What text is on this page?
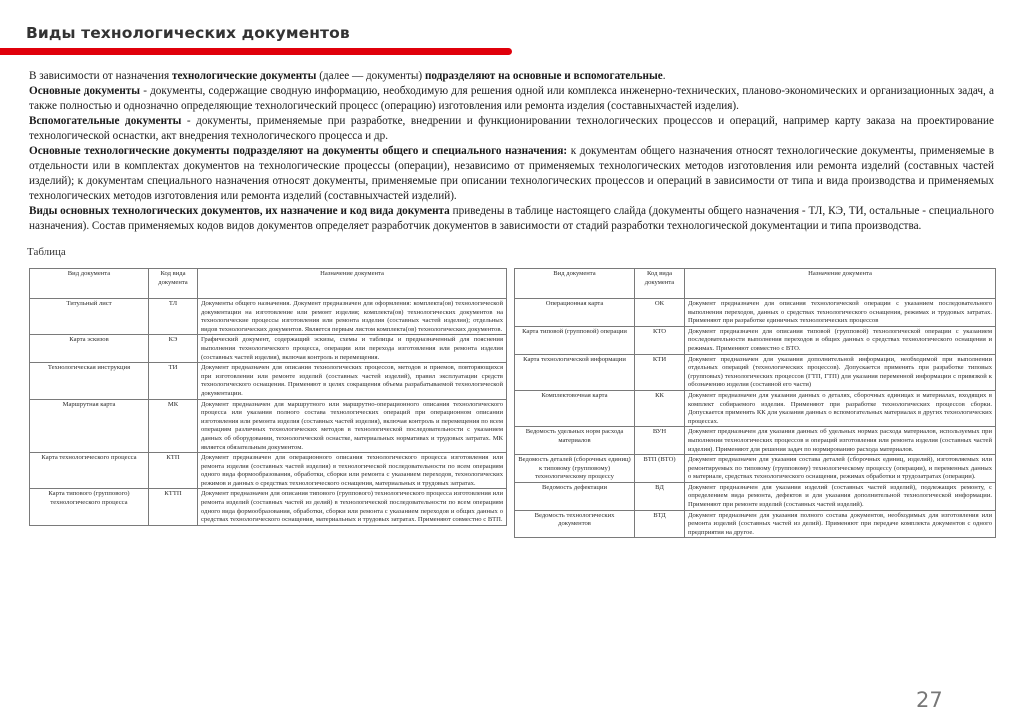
Виды технологических документов

В зависимости от назначения технологические документы (далее — документы) подразделяют на основные и вспомогательные.

Основные документы - документы, содержащие сводную информацию, необходимую для решения одной или комплекса инженерно-технических, планово-экономических и организационных задач, а также полностью и однозначно определяющие технологический процесс (операцию) изготовления или ремонта изделия (составныхчастей изделия).

Вспомогательные документы - документы, применяемые при разработке, внедрении и функционировании технологических процессов и операций, например карту заказа на проектирование технологической оснастки, акт внедрения технологического процесса и др.

Основные технологические документы подразделяют на документы общего и специального назначения: к документам общего назначения относят технологические документы, применяемые в отдельности или в комплектах документов на технологические процессы (операции), независимо от применяемых технологических методов изготовления или ремонта изделий (составных частей изделий); к документам специального назначения относят документы, применяемые при описании технологических процессов и операций в зависимости от типа и вида производства и применяемых технологических методов изготовления или ремонта изделий (составныхчастей изделий).

Виды основных технологических документов, их назначение и код вида документа приведены в таблице настоящего слайда (документы общего назначения - ТЛ, КЭ, ТИ, остальные - специального назначения). Состав применяемых кодов видов документов определяет разработчик документов в зависимости от стадий разработки технологической документации и типа производства.

Таблица
Вид документа	Код вида документа	Назначение документа
Титульный лист	ТЛ	Документы общего назначения. Документ предназначен для оформления: комплекта(ов) технологической документации на изготовление или ремонт изделия; комплекта(ов) технологических документов на технологические процессы изготовления или ремонта изделия (составных частей изделия); отдельных видов технологических документов. Является первым листом комплекта(ов) технологических документов.
Карта эскизов	КЭ	Графический документ, содержащий эскизы, схемы и таблицы и предназначенный для пояснения выполнения технологического процесса, операции или перехода изготовления или ремонта изделия (составных частей изделия), включая контроль и перемещения.
Технологическая инструкция	ТИ	Документ предназначен для описания технологических процессов, методов и приемов, повторяющихся при изготовлении или ремонте изделий (составных частей изделий), правил эксплуатации средств технологического оснащения. Применяют в целях сокращения объема разрабатываемой технологической документации.
Маршрутная карта	МК	Документ предназначен для маршрутного или маршрутно-операционного описания технологического процесса или указания полного состава технологических операций при операционном описании изготовления или ремонта изделия (составных частей изделия), включая контроль и перемещения по всем операциям различных технологических методов в технологической последовательности с указанием данных об оборудовании, технологической оснастке, материальных нормативах и трудовых затратах. МК является обязательным документом.
Карта технологического процесса	КТП	Документ предназначен для операционного описания технологического процесса изготовления или ремонта изделия (составных частей изделия) в технологической последовательности по всем операциям одного вида формообразования, обработки, сборки или ремонта с указанием переходов, технологических режимов и данных о средствах технологического оснащения, материальных и трудовых затратах.
Карта типового (группового) технологического процесса	КТТП	Документ предназначен для описания типового (группового) технологического процесса изготовления или ремонта изделий (составных частей из делий) в технологической последовательности по всем операциям одного вида формообразования, обработки, сборки или ремонта с указанием переходов и общих данных о средствах технологического оснащения, материальных и трудовых затратах. Применяют совместно с ВТП.
Вид документа	Код вида документа	Назначение документа
Операционная карта	ОК	Документ предназначен для описания технологической операции с указанием последовательного выполнения переходов, данных о средствах технологического оснащения, режимах и трудовых затратах. Применяют при разработке единичных технологических процессов
Карта типовой (групповой) операции	КТО	Документ предназначен для описания типовой (групповой) технологической операции с указанием последовательности выполнения переходов и общих данных о средствах технологического оснащения и режимах. Применяют совместно с ВТО.
Карта технологической информации	КТИ	Документ предназначен для указания дополнительной информации, необходимой при выполнении отдельных операций (технологических процессов). Допускается применять при разработке типовых (групповых) технологических процессов (ГТП, ГТП) для указания переменной информации с привязкой к обозначению изделия (составной его части)
Комплектовочная карта	КК	Документ предназначен для указания данных о деталях, сборочных единицах и материалах, входящих в комплект собираемого изделия. Применяют при разработке технологических процессов сборки. Допускается применять КК для указания данных о вспомогательных материалах в других технологических процессах.
Ведомость удельных норм расхода материалов	ВУН	Документ предназначен для указания данных об удельных нормах расхода материалов, используемых при выполнении технологических процессов и операций изготовления или ремонта изделия (составных частей изделия). Применяют для решения задач по нормированию расхода материалов.
Ведомость деталей (сборочных единиц) к типовому (групповому) технологическому процессу	ВТП (ВТО)	Документ предназначен для указания состава деталей (сборочных единиц, изделий), изготовляемых или ремонтируемых по типовому (групповому) технологическому процессу (операции), и переменных данных о материале, средствах технологического оснащения, режимах обработки и трудозатратах (операции).
Ведомость дефектации	ВД	Документ предназначен для указания изделий (составных частей изделий), подлежащих ремонту, с определением вида ремонта, дефектов и для указания дополнительной технологической информации. Применяют при ремонте изделий (составных частей изделий).
Ведомость технологических документов	ВТД	Документ предназначен для указания полного состава документов, необходимых для изготовления или ремонта изделий (составных частей из делий). Применяют при передаче комплекта документов с одного предприятия на другое.
27
